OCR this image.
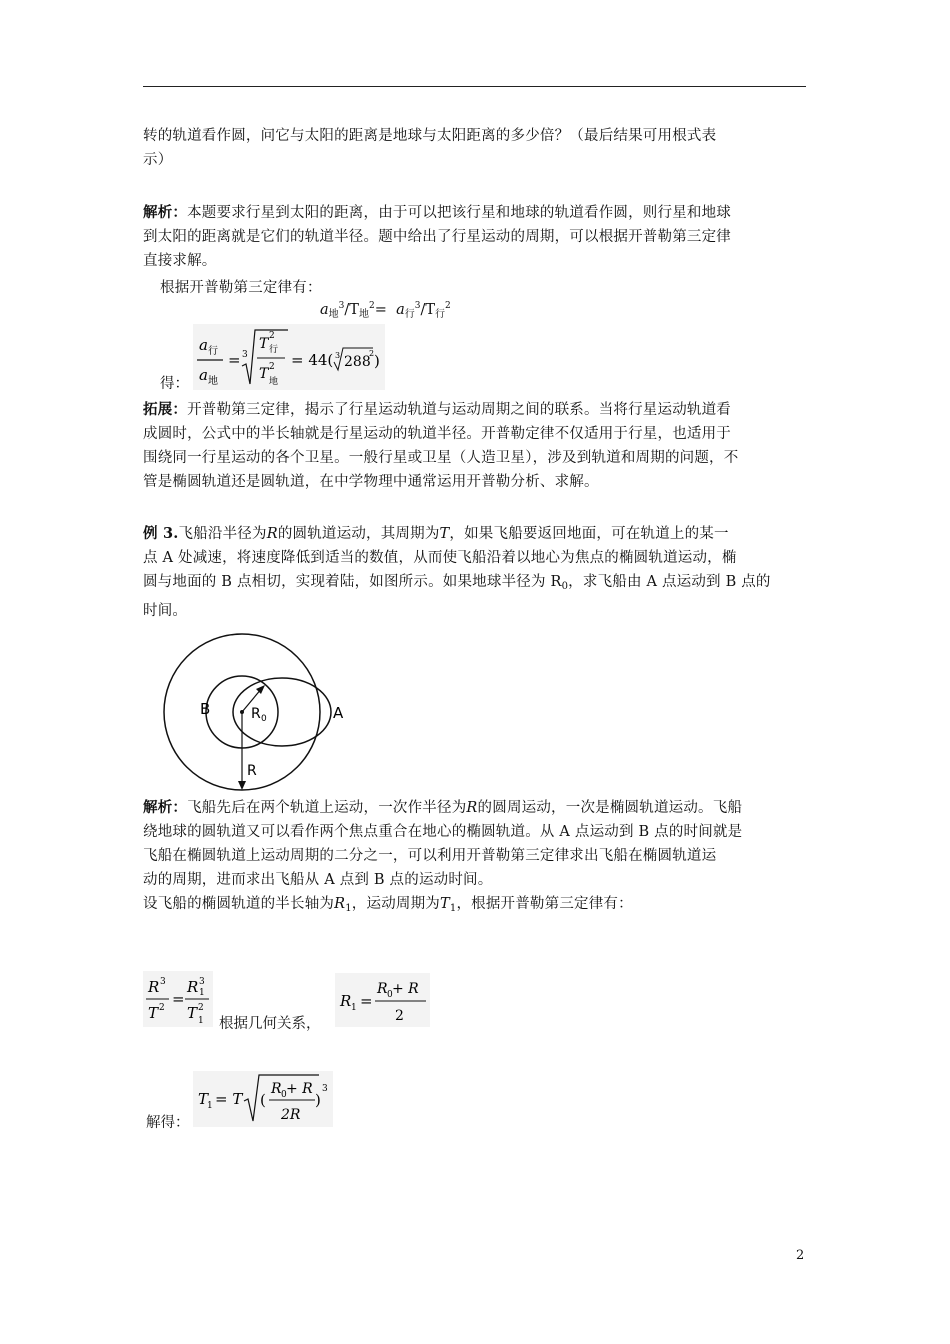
转的轨道看作圆，问它与太阳的距离是地球与太阳距离的多少倍？（最后结果可用根式表
示）

解析：本题要求行星到太阳的距离，由于可以把该行星和地球的轨道看作圆，则行星和地球
到太阳的距离就是它们的轨道半径。题中给出了行星运动的周期，可以根据开普勒第三定律
直接求解。

根据开普勒第三定律有：

$a_地^3/T_地^2= a_行^3/T_行^2$
得：
a 行
a 地
= 3
T 2
行
T 2
地
= 44( 3 288
2 )

拓展：开普勒第三定律，揭示了行星运动轨道与运动周期之间的联系。当将行星运动轨道看
成圆时，公式中的半长轴就是行星运动的轨道半径。开普勒定律不仅适用于行星，也适用于
围绕同一行星运动的各个卫星。一般行星或卫星（人造卫星），涉及到轨道和周期的问题，不
管是椭圆轨道还是圆轨道，在中学物理中通常运用开普勒分析、求解。

例 3.飞船沿半径为R的圆轨道运动，其周期为T，如果飞船要返回地面，可在轨道上的某一
点 A 处减速，将速度降低到适当的数值，从而使飞船沿着以地心为焦点的椭圆轨道运动，椭
圆与地面的 B 点相切，实现着陆，如图所示。如果地球半径为 $R_0$，求飞船由 A 点运动到 B 点的
时间。

B	A
R 0
R

解析：飞船先后在两个轨道上运动，一次作半径为R的圆周运动，一次是椭圆轨道运动。飞船
绕地球的圆轨道又可以看作两个焦点重合在地心的椭圆轨道。从 A 点运动到 B 点的时间就是
飞船在椭圆轨道上运动周期的二分之一，可以利用开普勒第三定律求出飞船在椭圆轨道运
动的周期，进而求出飞船从 A 点到 B 点的运动时间。
设飞船的椭圆轨道的半长轴为$R_1$，运动周期为$T_1$，根据开普勒第三定律有：

R 3
T 2 =
R 3
1
T 2
1 根据几何关系，
R 1 =
R 0 + R
2
解得：
T
1 = T (
R 0 + R
2R
)
3
2
